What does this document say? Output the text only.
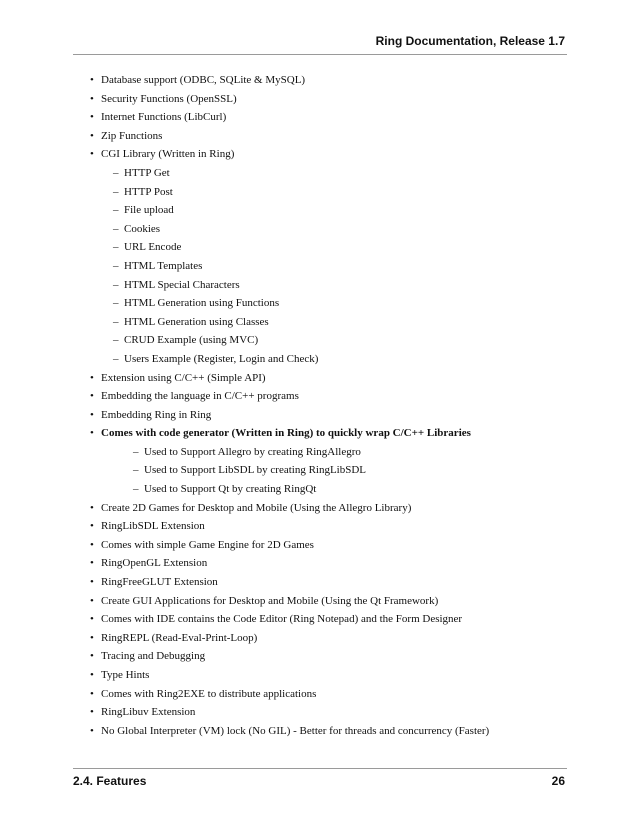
Ring Documentation, Release 1.7
• Database support (ODBC, SQLite & MySQL)
• Security Functions (OpenSSL)
• Internet Functions (LibCurl)
• Zip Functions
• CGI Library (Written in Ring)
– HTTP Get
– HTTP Post
– File upload
– Cookies
– URL Encode
– HTML Templates
– HTML Special Characters
– HTML Generation using Functions
– HTML Generation using Classes
– CRUD Example (using MVC)
– Users Example (Register, Login and Check)
• Extension using C/C++ (Simple API)
• Embedding the language in C/C++ programs
• Embedding Ring in Ring
• Comes with code generator (Written in Ring) to quickly wrap C/C++ Libraries
– Used to Support Allegro by creating RingAllegro
– Used to Support LibSDL by creating RingLibSDL
– Used to Support Qt by creating RingQt
• Create 2D Games for Desktop and Mobile (Using the Allegro Library)
• RingLibSDL Extension
• Comes with simple Game Engine for 2D Games
• RingOpenGL Extension
• RingFreeGLUT Extension
• Create GUI Applications for Desktop and Mobile (Using the Qt Framework)
• Comes with IDE contains the Code Editor (Ring Notepad) and the Form Designer
• RingREPL (Read-Eval-Print-Loop)
• Tracing and Debugging
• Type Hints
• Comes with Ring2EXE to distribute applications
• RingLibuv Extension
• No Global Interpreter (VM) lock (No GIL) - Better for threads and concurrency (Faster)
2.4. Features	26
